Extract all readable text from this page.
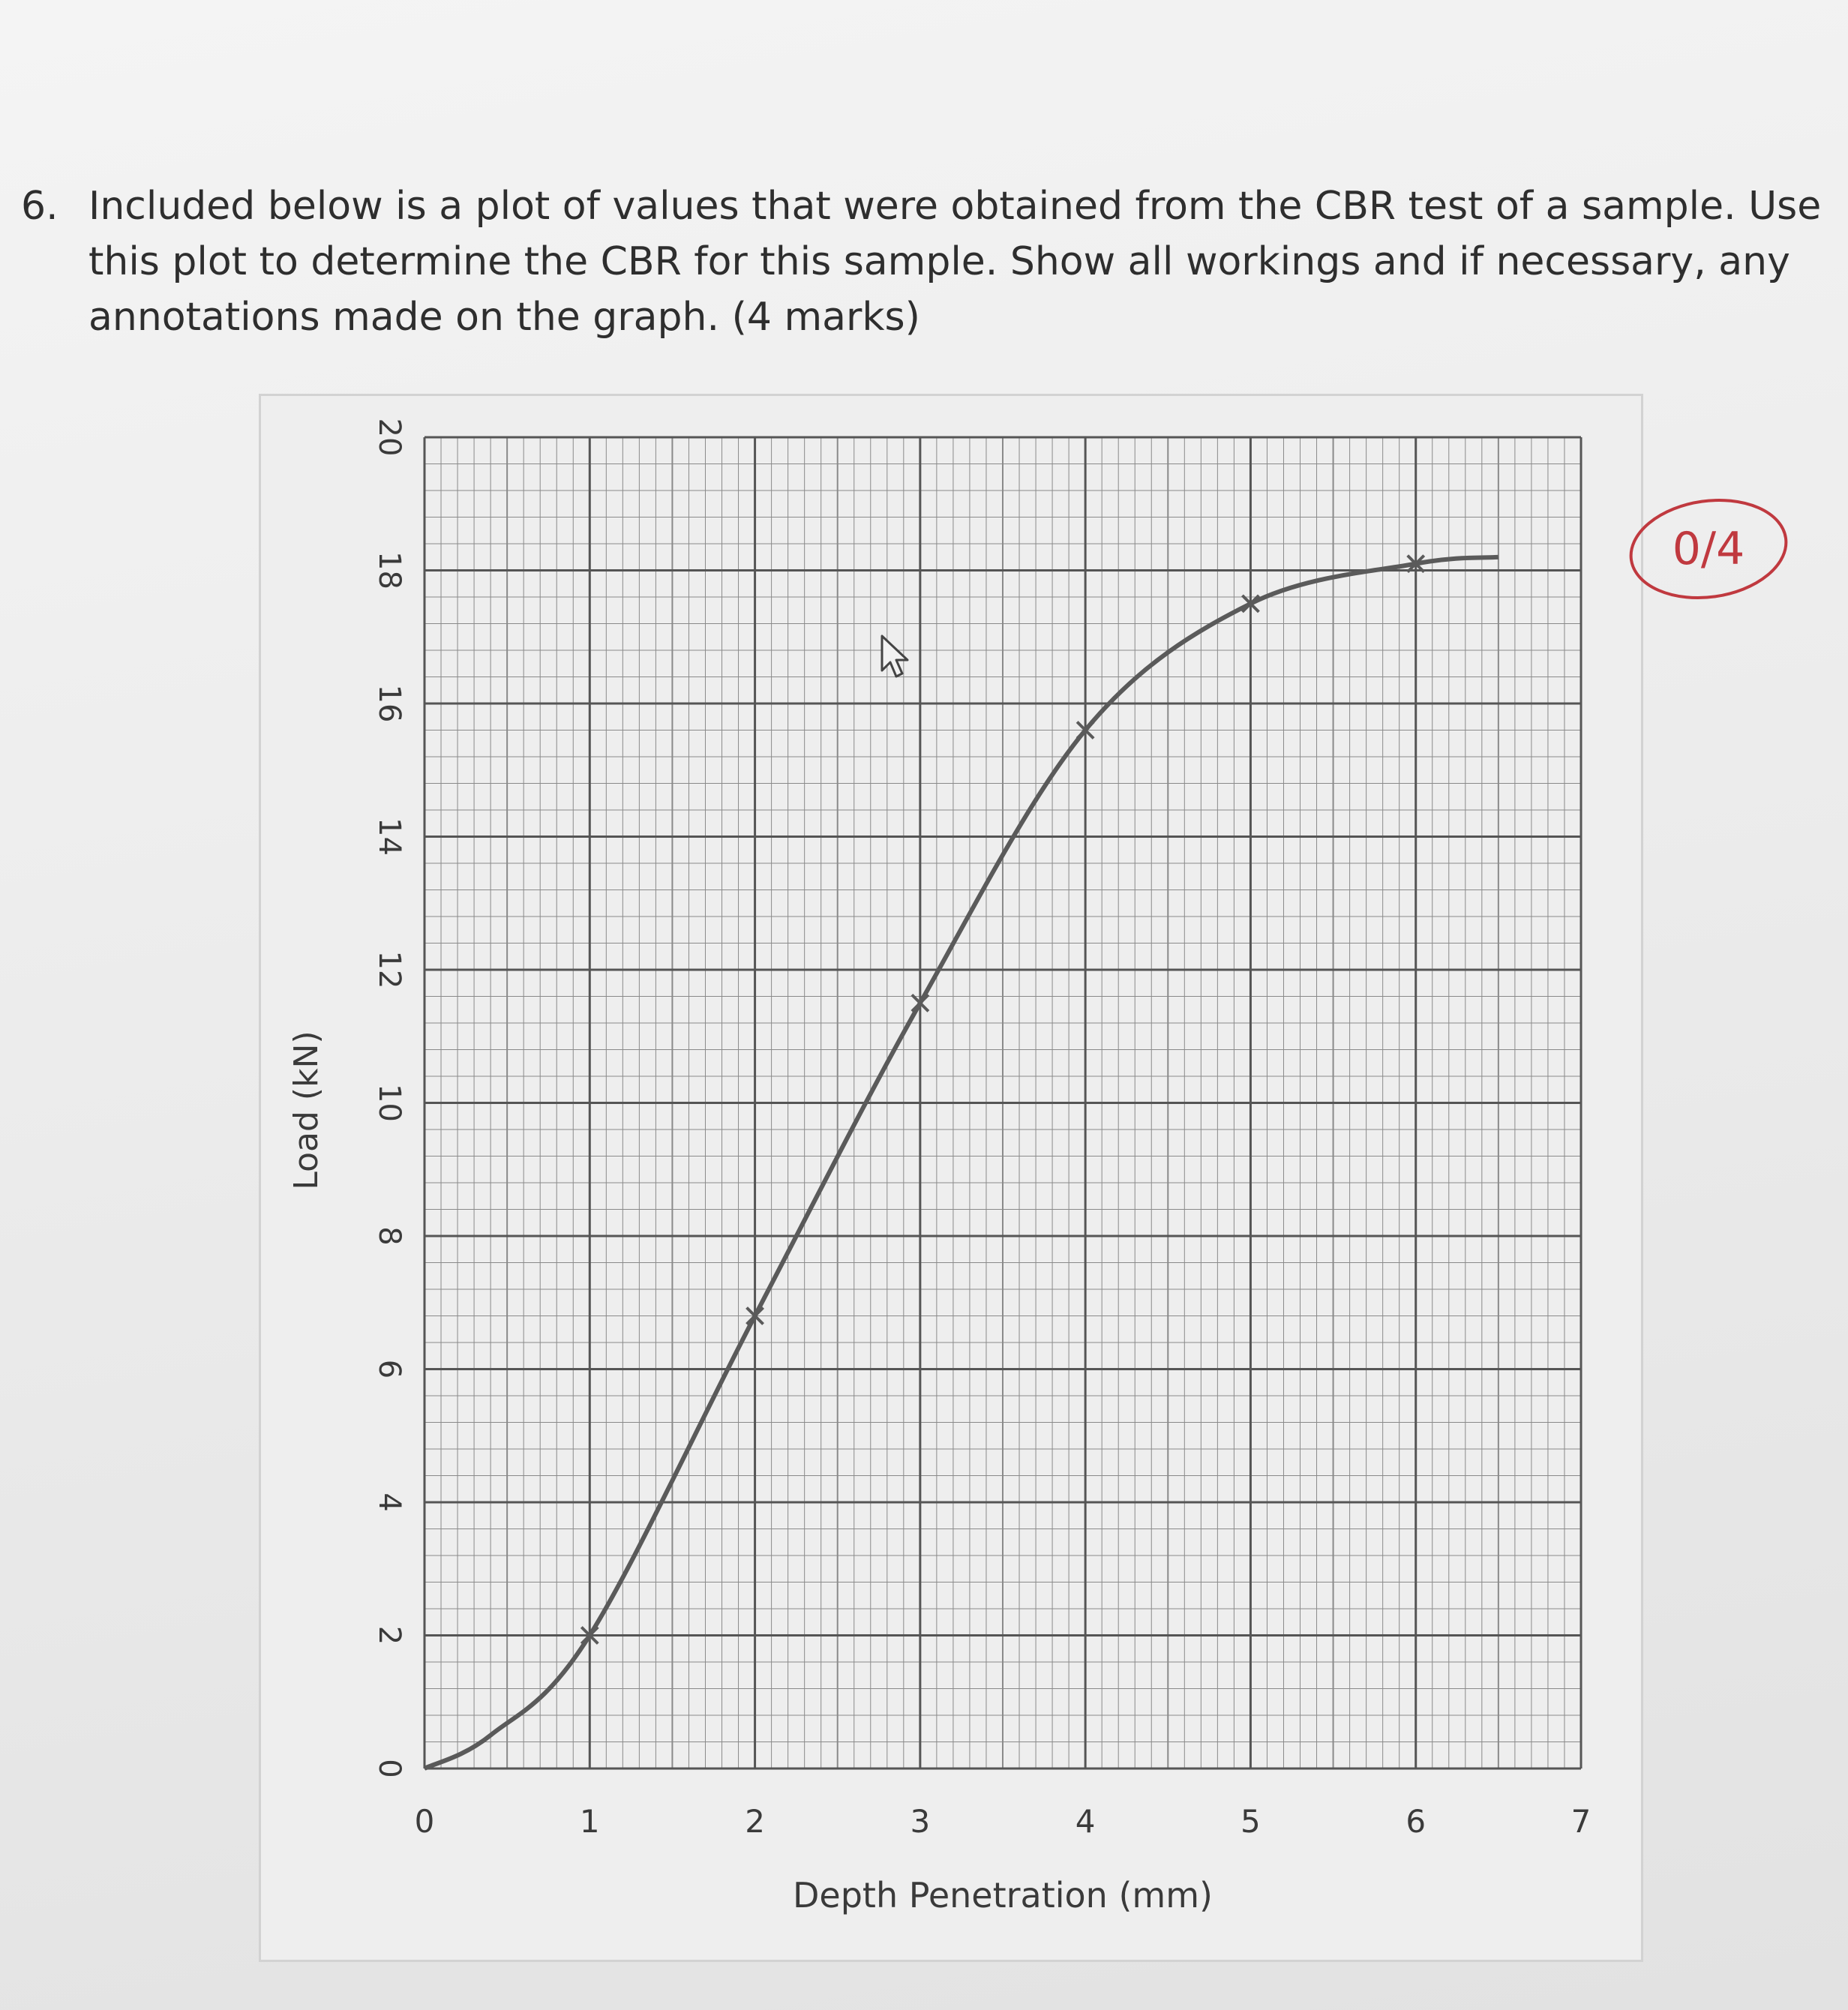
6. Included below is a plot of values that were obtained from the CBR test of a sample. Use
this plot to determine the CBR for this sample. Show all workings and if necessary, any
annotations made on the graph. (4 marks)
0	1	2	3	4	5	6	7
0
2
4
6
8
10
12
14
16
18
20
Depth Penetration (mm)
Load (kN)
0/4
